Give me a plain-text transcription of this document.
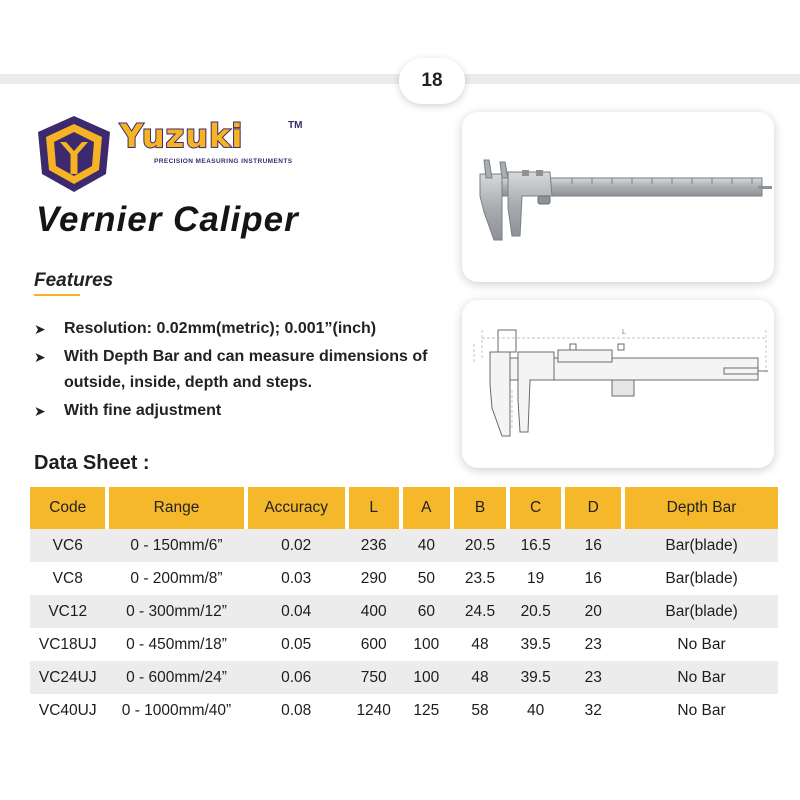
18
Yuzuki	TM
PRECISION MEASURING INSTRUMENTS
Vernier Caliper
Features
➤ Resolution: 0.02mm(metric); 0.001”(inch)
➤ With Depth Bar and can measure dimensions of outside, inside, depth and steps.
➤ With fine adjustment
L
Data Sheet :
Code	Range	Accuracy	L	A	B	C	D	Depth Bar
VC6	0 - 150mm/6”	0.02	236	40	20.5	16.5	16	Bar(blade)
VC8	0 - 200mm/8”	0.03	290	50	23.5	19	16	Bar(blade)
VC12	0 - 300mm/12”	0.04	400	60	24.5	20.5	20	Bar(blade)
VC18UJ	0 - 450mm/18”	0.05	600	100	48	39.5	23	No Bar
VC24UJ	0 - 600mm/24”	0.06	750	100	48	39.5	23	No Bar
VC40UJ	0 - 1000mm/40”	0.08	1240	125	58	40	32	No Bar
